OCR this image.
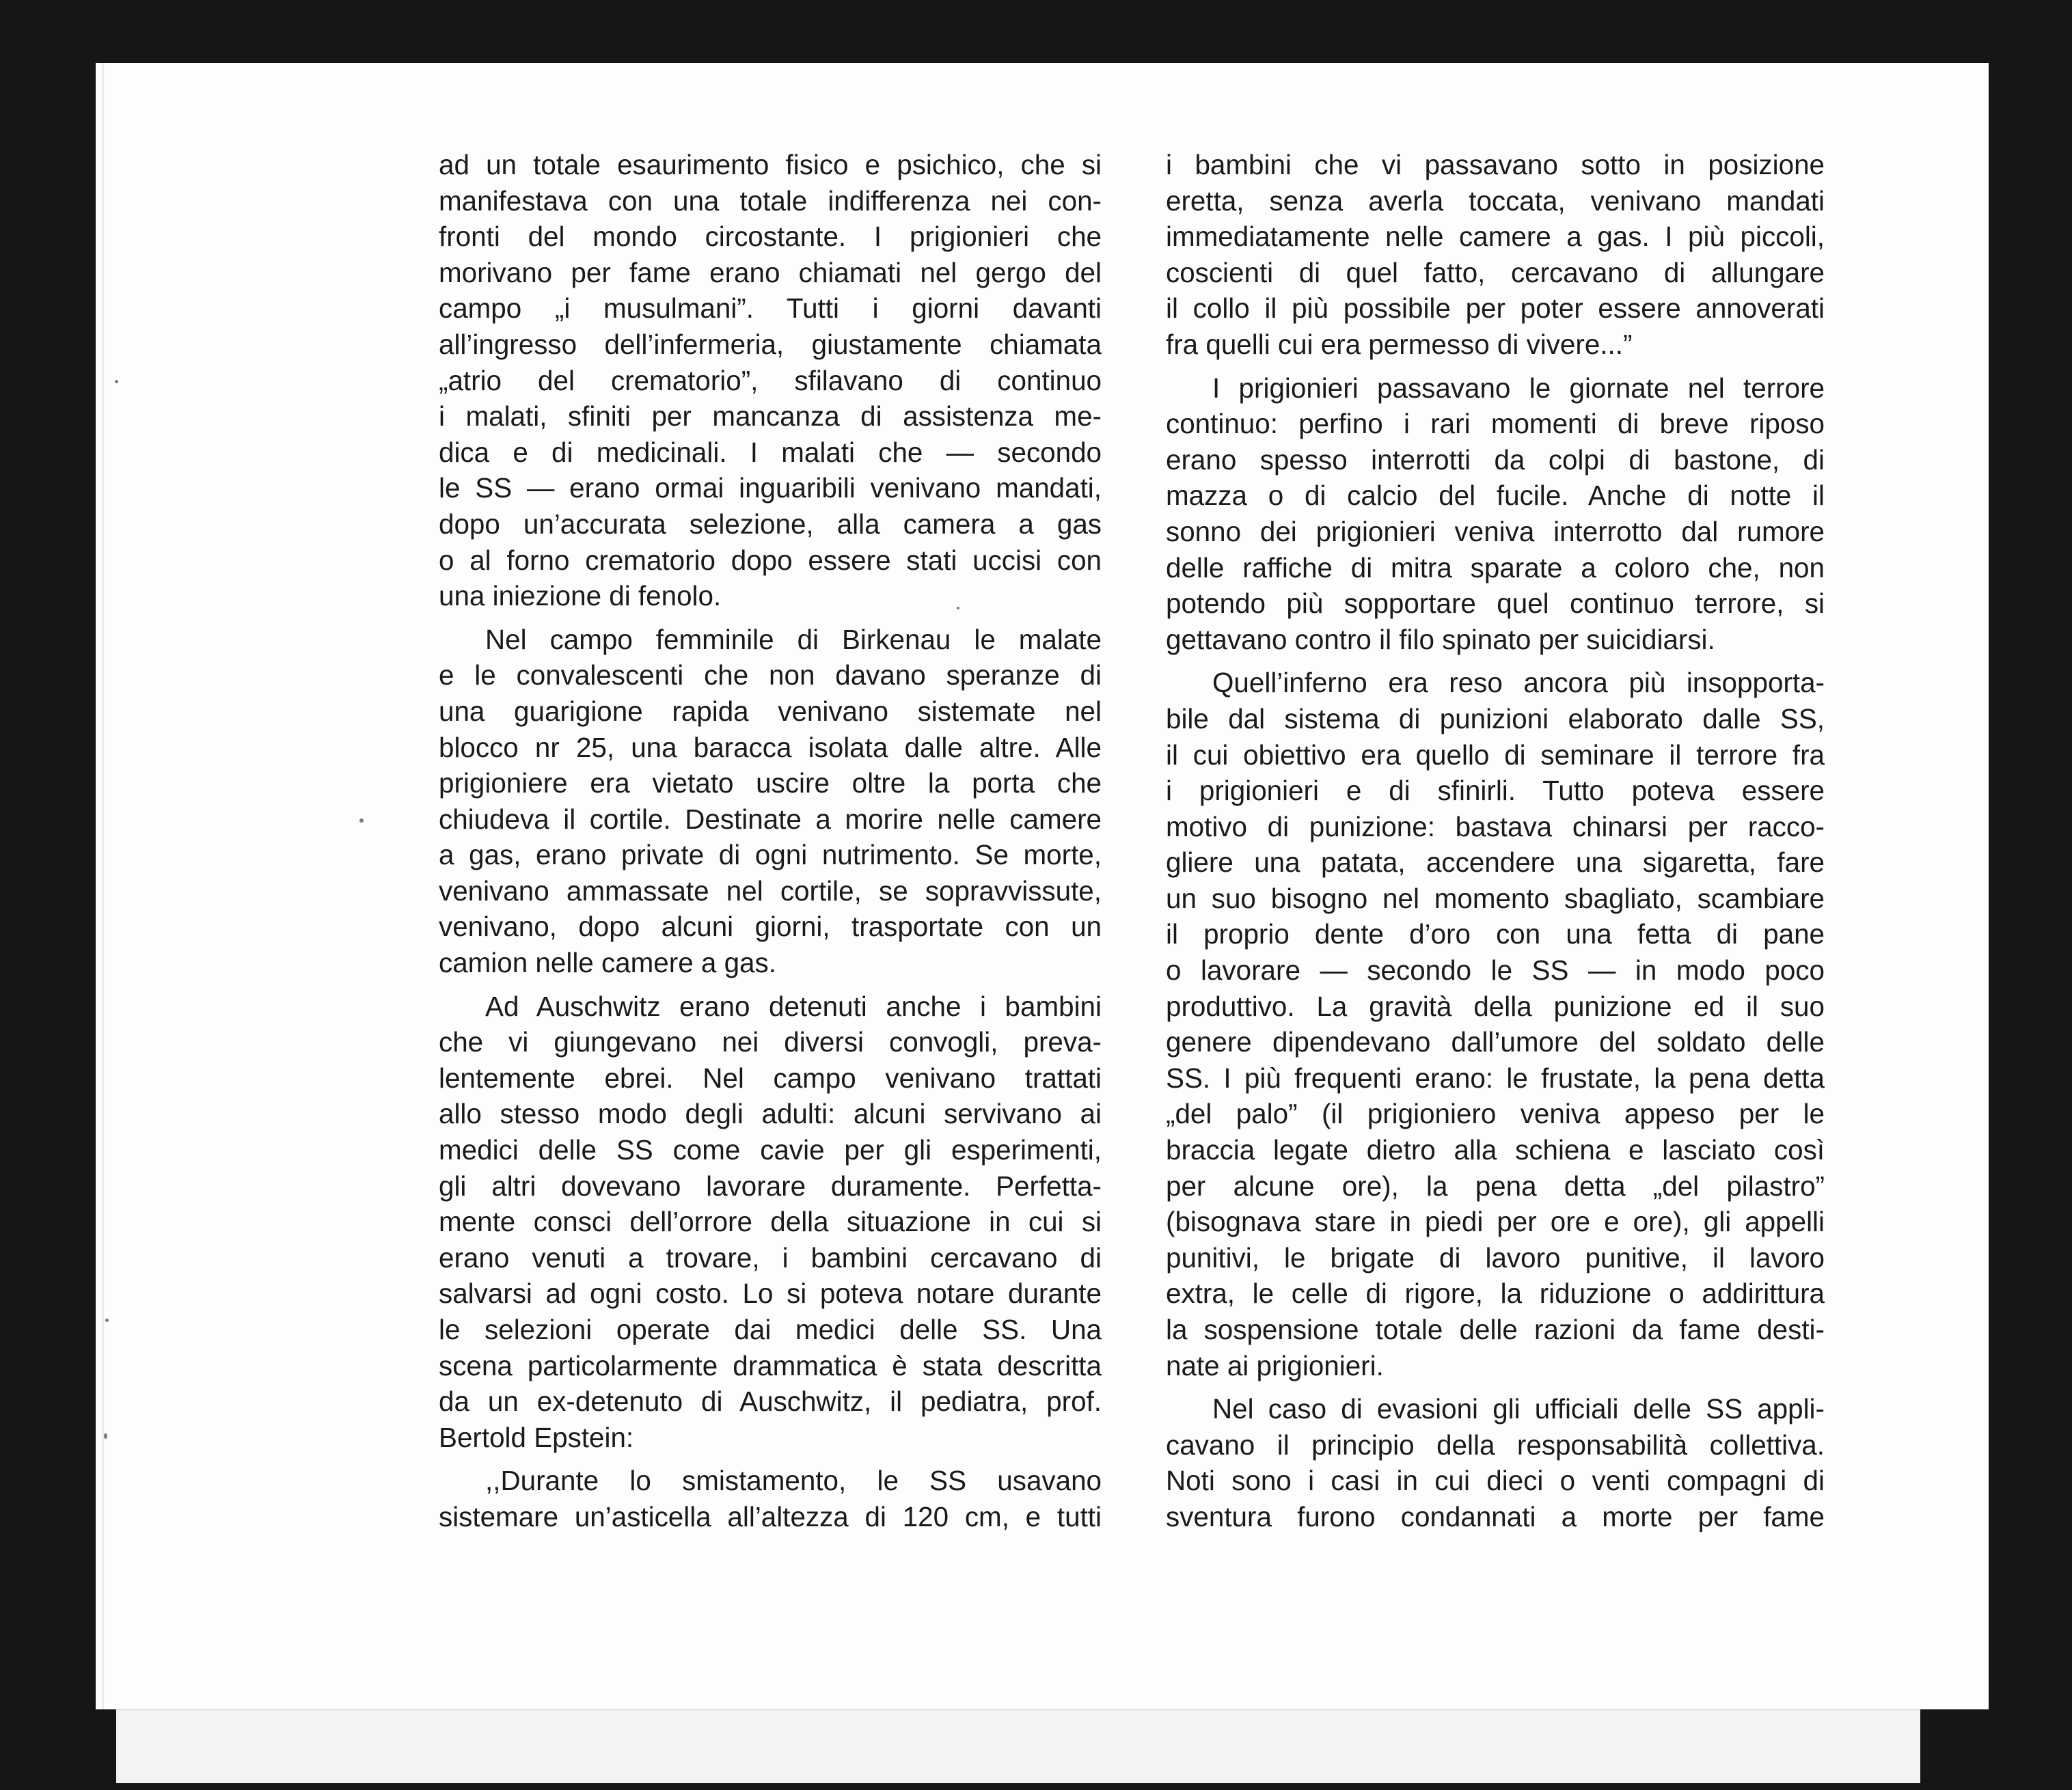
ad un totale esaurimento fisico e psichico, che si
manifestava con una totale indifferenza nei con-
fronti del mondo circostante. I prigionieri che
morivano per fame erano chiamati nel gergo del
campo „i musulmani”. Tutti i giorni davanti
all’ingresso dell’infermeria, giustamente chiamata
„atrio del crematorio”, sfilavano di continuo
i malati, sfiniti per mancanza di assistenza me-
dica e di medicinali. I malati che — secondo
le SS — erano ormai inguaribili venivano mandati,
dopo un’accurata selezione, alla camera a gas
o al forno crematorio dopo essere stati uccisi con
una iniezione di fenolo.
Nel campo femminile di Birkenau le malate
e le convalescenti che non davano speranze di
una guarigione rapida venivano sistemate nel
blocco nr 25, una baracca isolata dalle altre. Alle
prigioniere era vietato uscire oltre la porta che
chiudeva il cortile. Destinate a morire nelle camere
a gas, erano private di ogni nutrimento. Se morte,
venivano ammassate nel cortile, se sopravvissute,
venivano, dopo alcuni giorni, trasportate con un
camion nelle camere a gas.
Ad Auschwitz erano detenuti anche i bambini
che vi giungevano nei diversi convogli, preva-
lentemente ebrei. Nel campo venivano trattati
allo stesso modo degli adulti: alcuni servivano ai
medici delle SS come cavie per gli esperimenti,
gli altri dovevano lavorare duramente. Perfetta-
mente consci dell’orrore della situazione in cui si
erano venuti a trovare, i bambini cercavano di
salvarsi ad ogni costo. Lo si poteva notare durante
le selezioni operate dai medici delle SS. Una
scena particolarmente drammatica è stata descritta
da un ex-detenuto di Auschwitz, il pediatra, prof.
Bertold Epstein:
,,Durante lo smistamento, le SS usavano
sistemare un’asticella all’altezza di 120 cm, e tutti
i bambini che vi passavano sotto in posizione
eretta, senza averla toccata, venivano mandati
immediatamente nelle camere a gas. I più piccoli,
coscienti di quel fatto, cercavano di allungare
il collo il più possibile per poter essere annoverati
fra quelli cui era permesso di vivere...”
I prigionieri passavano le giornate nel terrore
continuo: perfino i rari momenti di breve riposo
erano spesso interrotti da colpi di bastone, di
mazza o di calcio del fucile. Anche di notte il
sonno dei prigionieri veniva interrotto dal rumore
delle raffiche di mitra sparate a coloro che, non
potendo più sopportare quel continuo terrore, si
gettavano contro il filo spinato per suicidiarsi.
Quell’inferno era reso ancora più insopporta-
bile dal sistema di punizioni elaborato dalle SS,
il cui obiettivo era quello di seminare il terrore fra
i prigionieri e di sfinirli. Tutto poteva essere
motivo di punizione: bastava chinarsi per racco-
gliere una patata, accendere una sigaretta, fare
un suo bisogno nel momento sbagliato, scambiare
il proprio dente d’oro con una fetta di pane
o lavorare — secondo le SS — in modo poco
produttivo. La gravità della punizione ed il suo
genere dipendevano dall’umore del soldato delle
SS. I più frequenti erano: le frustate, la pena detta
„del palo” (il prigioniero veniva appeso per le
braccia legate dietro alla schiena e lasciato così
per alcune ore), la pena detta „del pilastro”
(bisognava stare in piedi per ore e ore), gli appelli
punitivi, le brigate di lavoro punitive, il lavoro
extra, le celle di rigore, la riduzione o addirittura
la sospensione totale delle razioni da fame desti-
nate ai prigionieri.
Nel caso di evasioni gli ufficiali delle SS appli-
cavano il principio della responsabilità collettiva.
Noti sono i casi in cui dieci o venti compagni di
sventura furono condannati a morte per fame
